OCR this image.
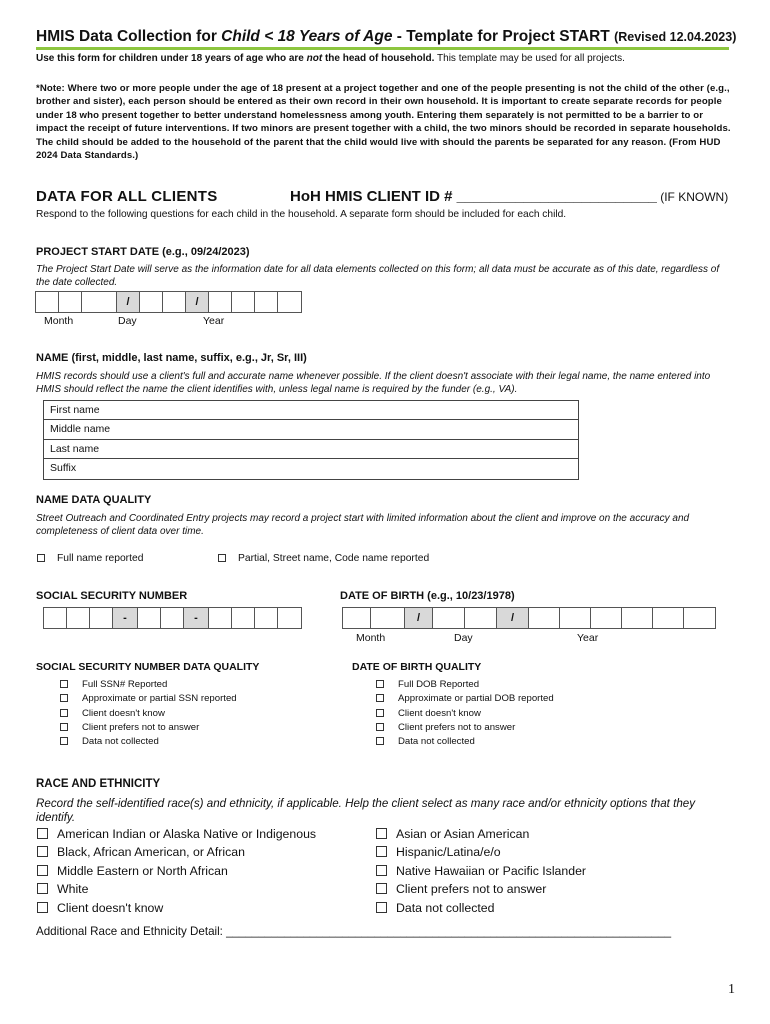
HMIS Data Collection for Child < 18 Years of Age - Template for Project START (Revised 12.04.2023)
Use this form for children under 18 years of age who are not the head of household. This template may be used for all projects.
*Note: Where two or more people under the age of 18 present at a project together and one of the people presenting is not the child of the other (e.g., brother and sister), each person should be entered as their own record in their own household. It is important to create separate records for people under 18 who present together to better understand homelessness among youth. Entering them separately is not permitted to be a barrier to or impact the receipt of future interventions. If two minors are present together with a child, the two minors should be recorded in separate households. The child should be added to the household of the parent that the child would live with should the parents be separated for any reason. (From HUD 2024 Data Standards.)
DATA FOR ALL CLIENTS	HoH HMIS CLIENT ID # ________________________ (IF KNOWN)
Respond to the following questions for each child in the household. A separate form should be included for each child.
PROJECT START DATE (e.g., 09/24/2023)
The Project Start Date will serve as the information date for all data elements collected on this form; all data must be accurate as of this date, regardless of the date collected.
/	/
Month	Day	Year
NAME (first, middle, last name, suffix, e.g., Jr, Sr, III)
HMIS records should use a client's full and accurate name whenever possible. If the client doesn't associate with their legal name, the name entered into HMIS should reflect the name the client identifies with, unless legal name is required by the funder (e.g., VA).
First name
Middle name
Last name
Suffix
NAME DATA QUALITY
Street Outreach and Coordinated Entry projects may record a project start with limited information about the client and improve on the accuracy and completeness of client data over time.
Full name reported	Partial, Street name, Code name reported
SOCIAL SECURITY NUMBER
-	-
DATE OF BIRTH (e.g., 10/23/1978)
/	/
Month	Day	Year
SOCIAL SECURITY NUMBER DATA QUALITY
Full SSN# Reported
Approximate or partial SSN reported
Client doesn't know
Client prefers not to answer
Data not collected
DATE OF BIRTH QUALITY
Full DOB Reported
Approximate or partial DOB reported
Client doesn't know
Client prefers not to answer
Data not collected
RACE AND ETHNICITY
Record the self-identified race(s) and ethnicity, if applicable. Help the client select as many race and/or ethnicity options that they identify.
American Indian or Alaska Native or Indigenous
Black, African American, or African
Middle Eastern or North African
White
Client doesn't know
Asian or Asian American
Hispanic/Latina/e/o
Native Hawaiian or Pacific Islander
Client prefers not to answer
Data not collected
Additional Race and Ethnicity Detail: _____________________________________________________________________
1
